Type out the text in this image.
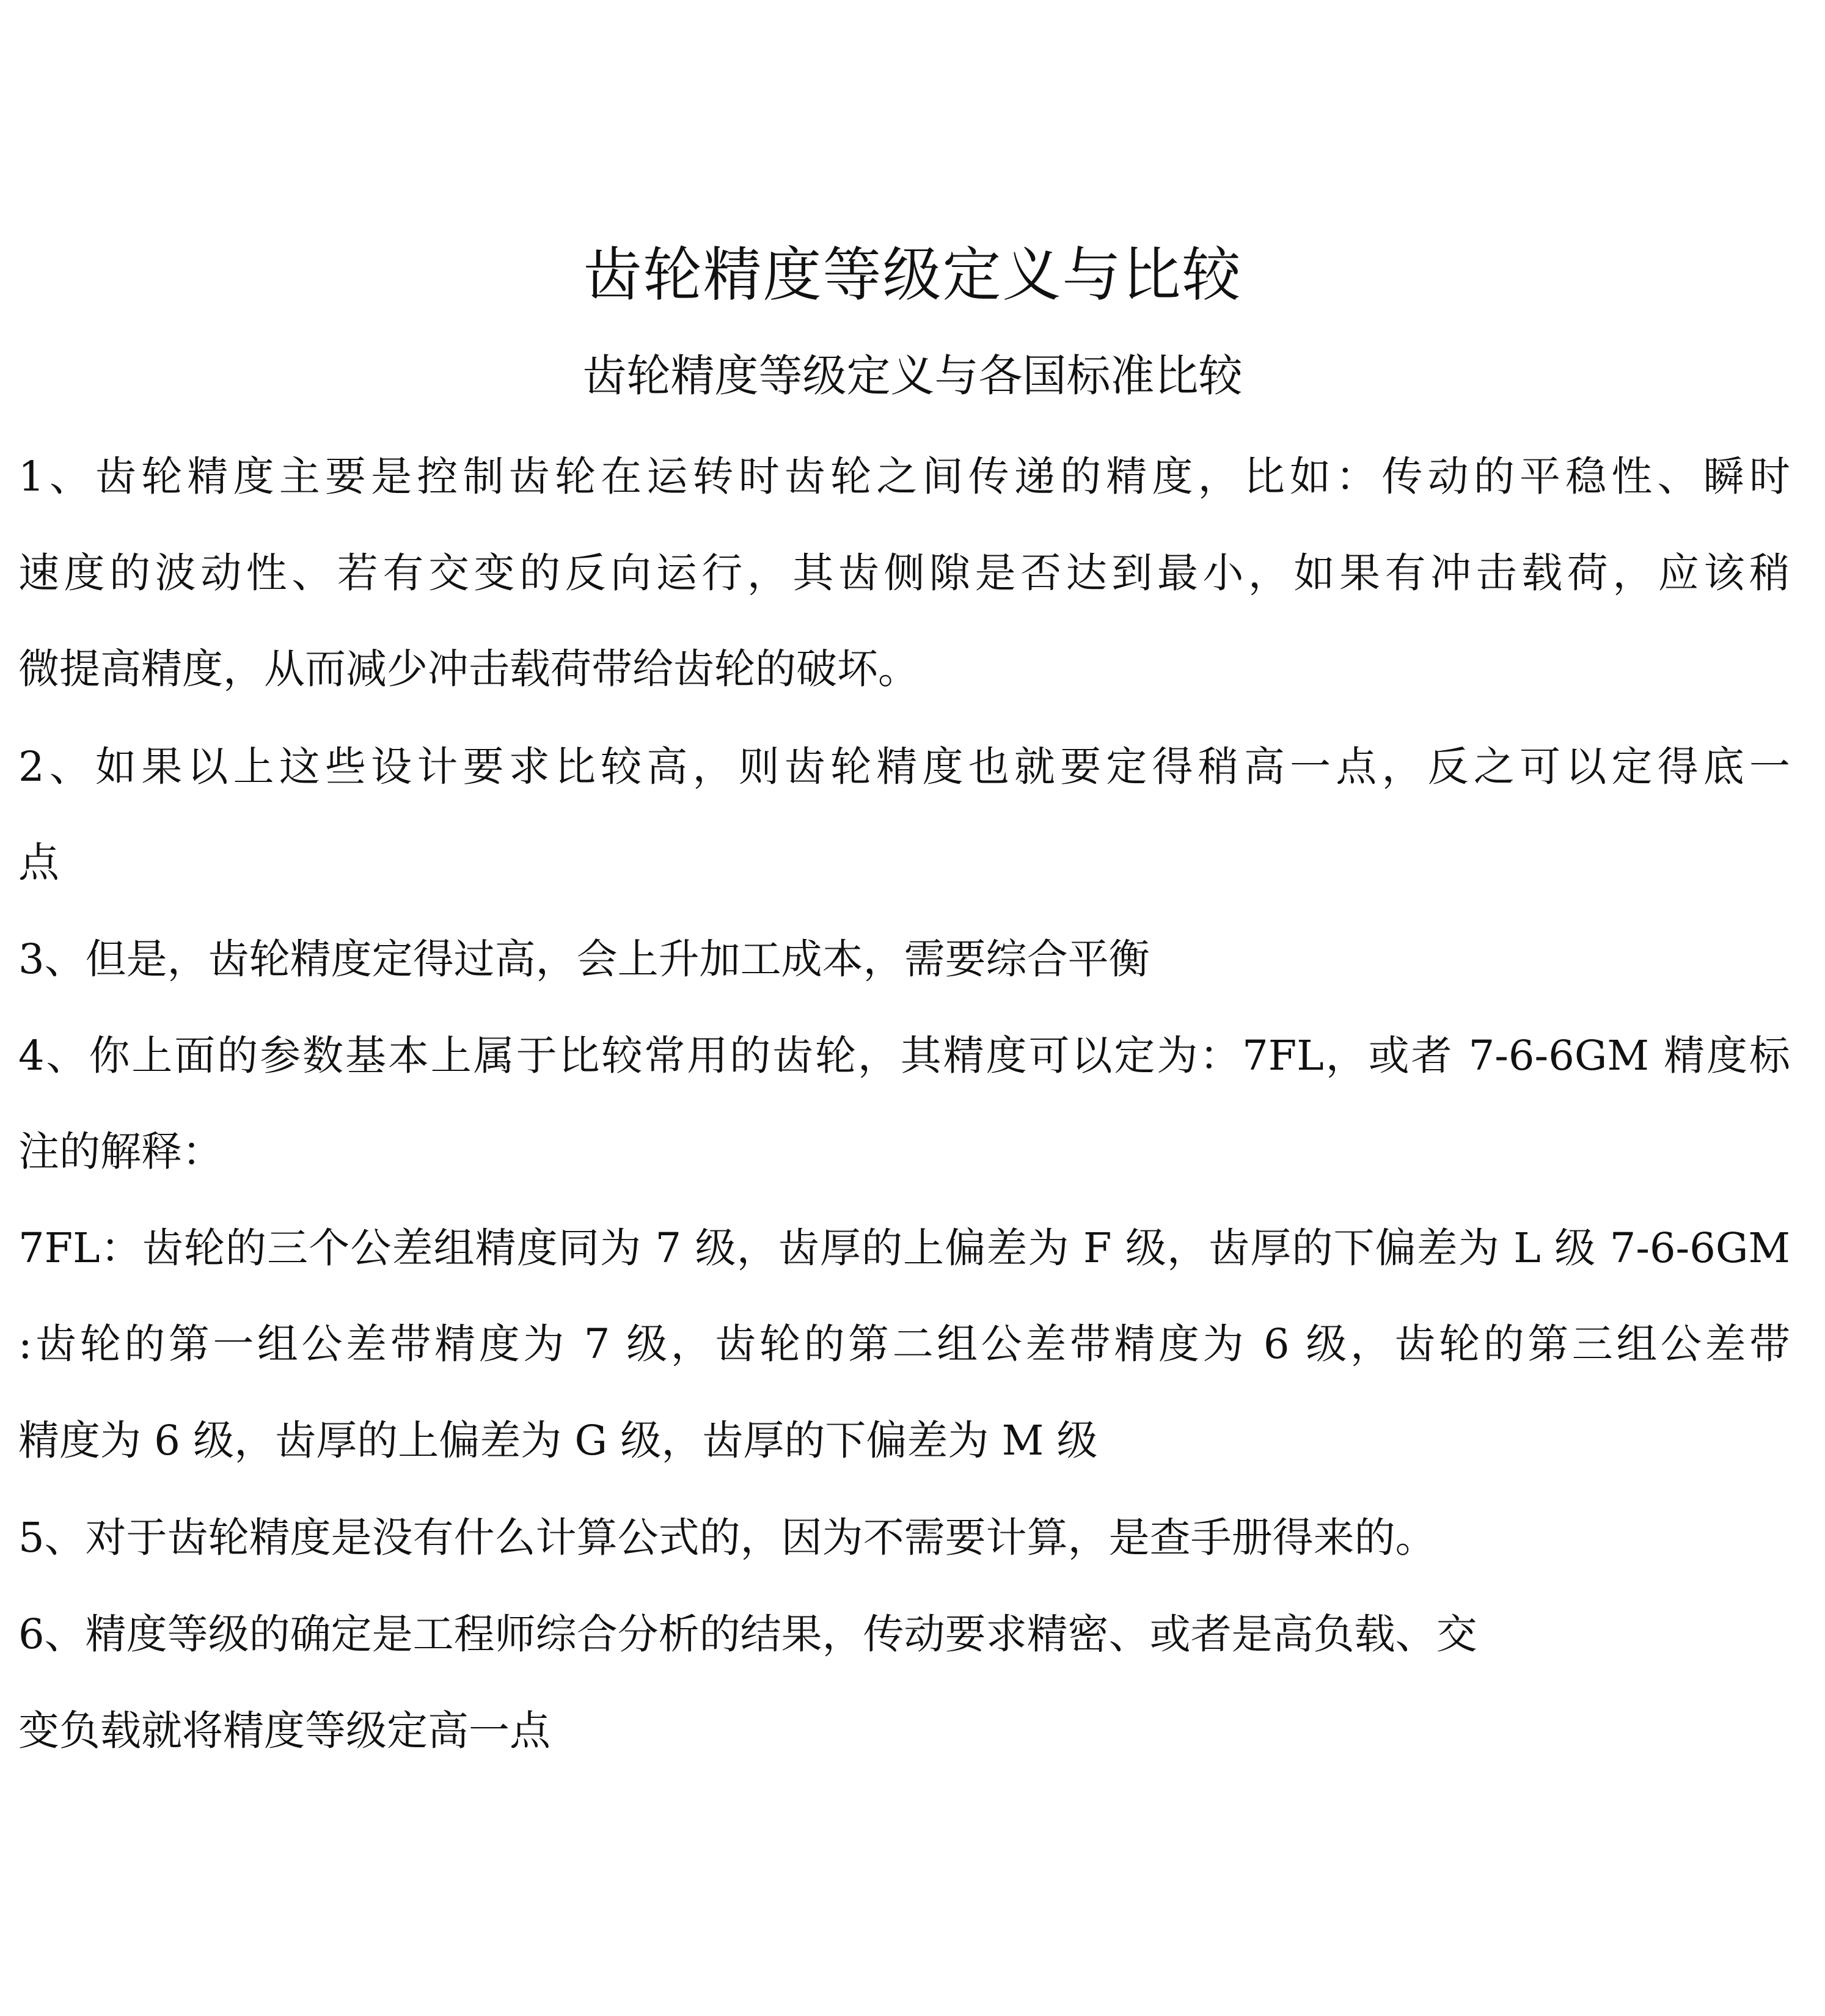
齿轮精度等级定义与比较
齿轮精度等级定义与各国标准比较
1、齿轮精度主要是控制齿轮在运转时齿轮之间传递的精度，比如：传动的平稳性、瞬时
速度的波动性、若有交变的反向运行，其齿侧隙是否达到最小，如果有冲击载荷，应该稍
微提高精度，从而减少冲击载荷带给齿轮的破坏。
2、如果以上这些设计要求比较高，则齿轮精度也就要定得稍高一点，反之可以定得底一
点
3、但是，齿轮精度定得过高，会上升加工成本，需要综合平衡
4、你上面的参数基本上属于比较常用的齿轮，其精度可以定为：7FL，或者 7-6-6GM 精度标
注的解释：
7FL：齿轮的三个公差组精度同为 7 级，齿厚的上偏差为 F 级，齿厚的下偏差为 L 级 7-6-6GM
:齿轮的第一组公差带精度为 7 级，齿轮的第二组公差带精度为 6 级，齿轮的第三组公差带
精度为 6 级，齿厚的上偏差为 G 级，齿厚的下偏差为 M 级
5、对于齿轮精度是没有什么计算公式的，因为不需要计算，是查手册得来的。
6、精度等级的确定是工程师综合分析的结果，传动要求精密、或者是高负载、交
变负载就将精度等级定高一点
